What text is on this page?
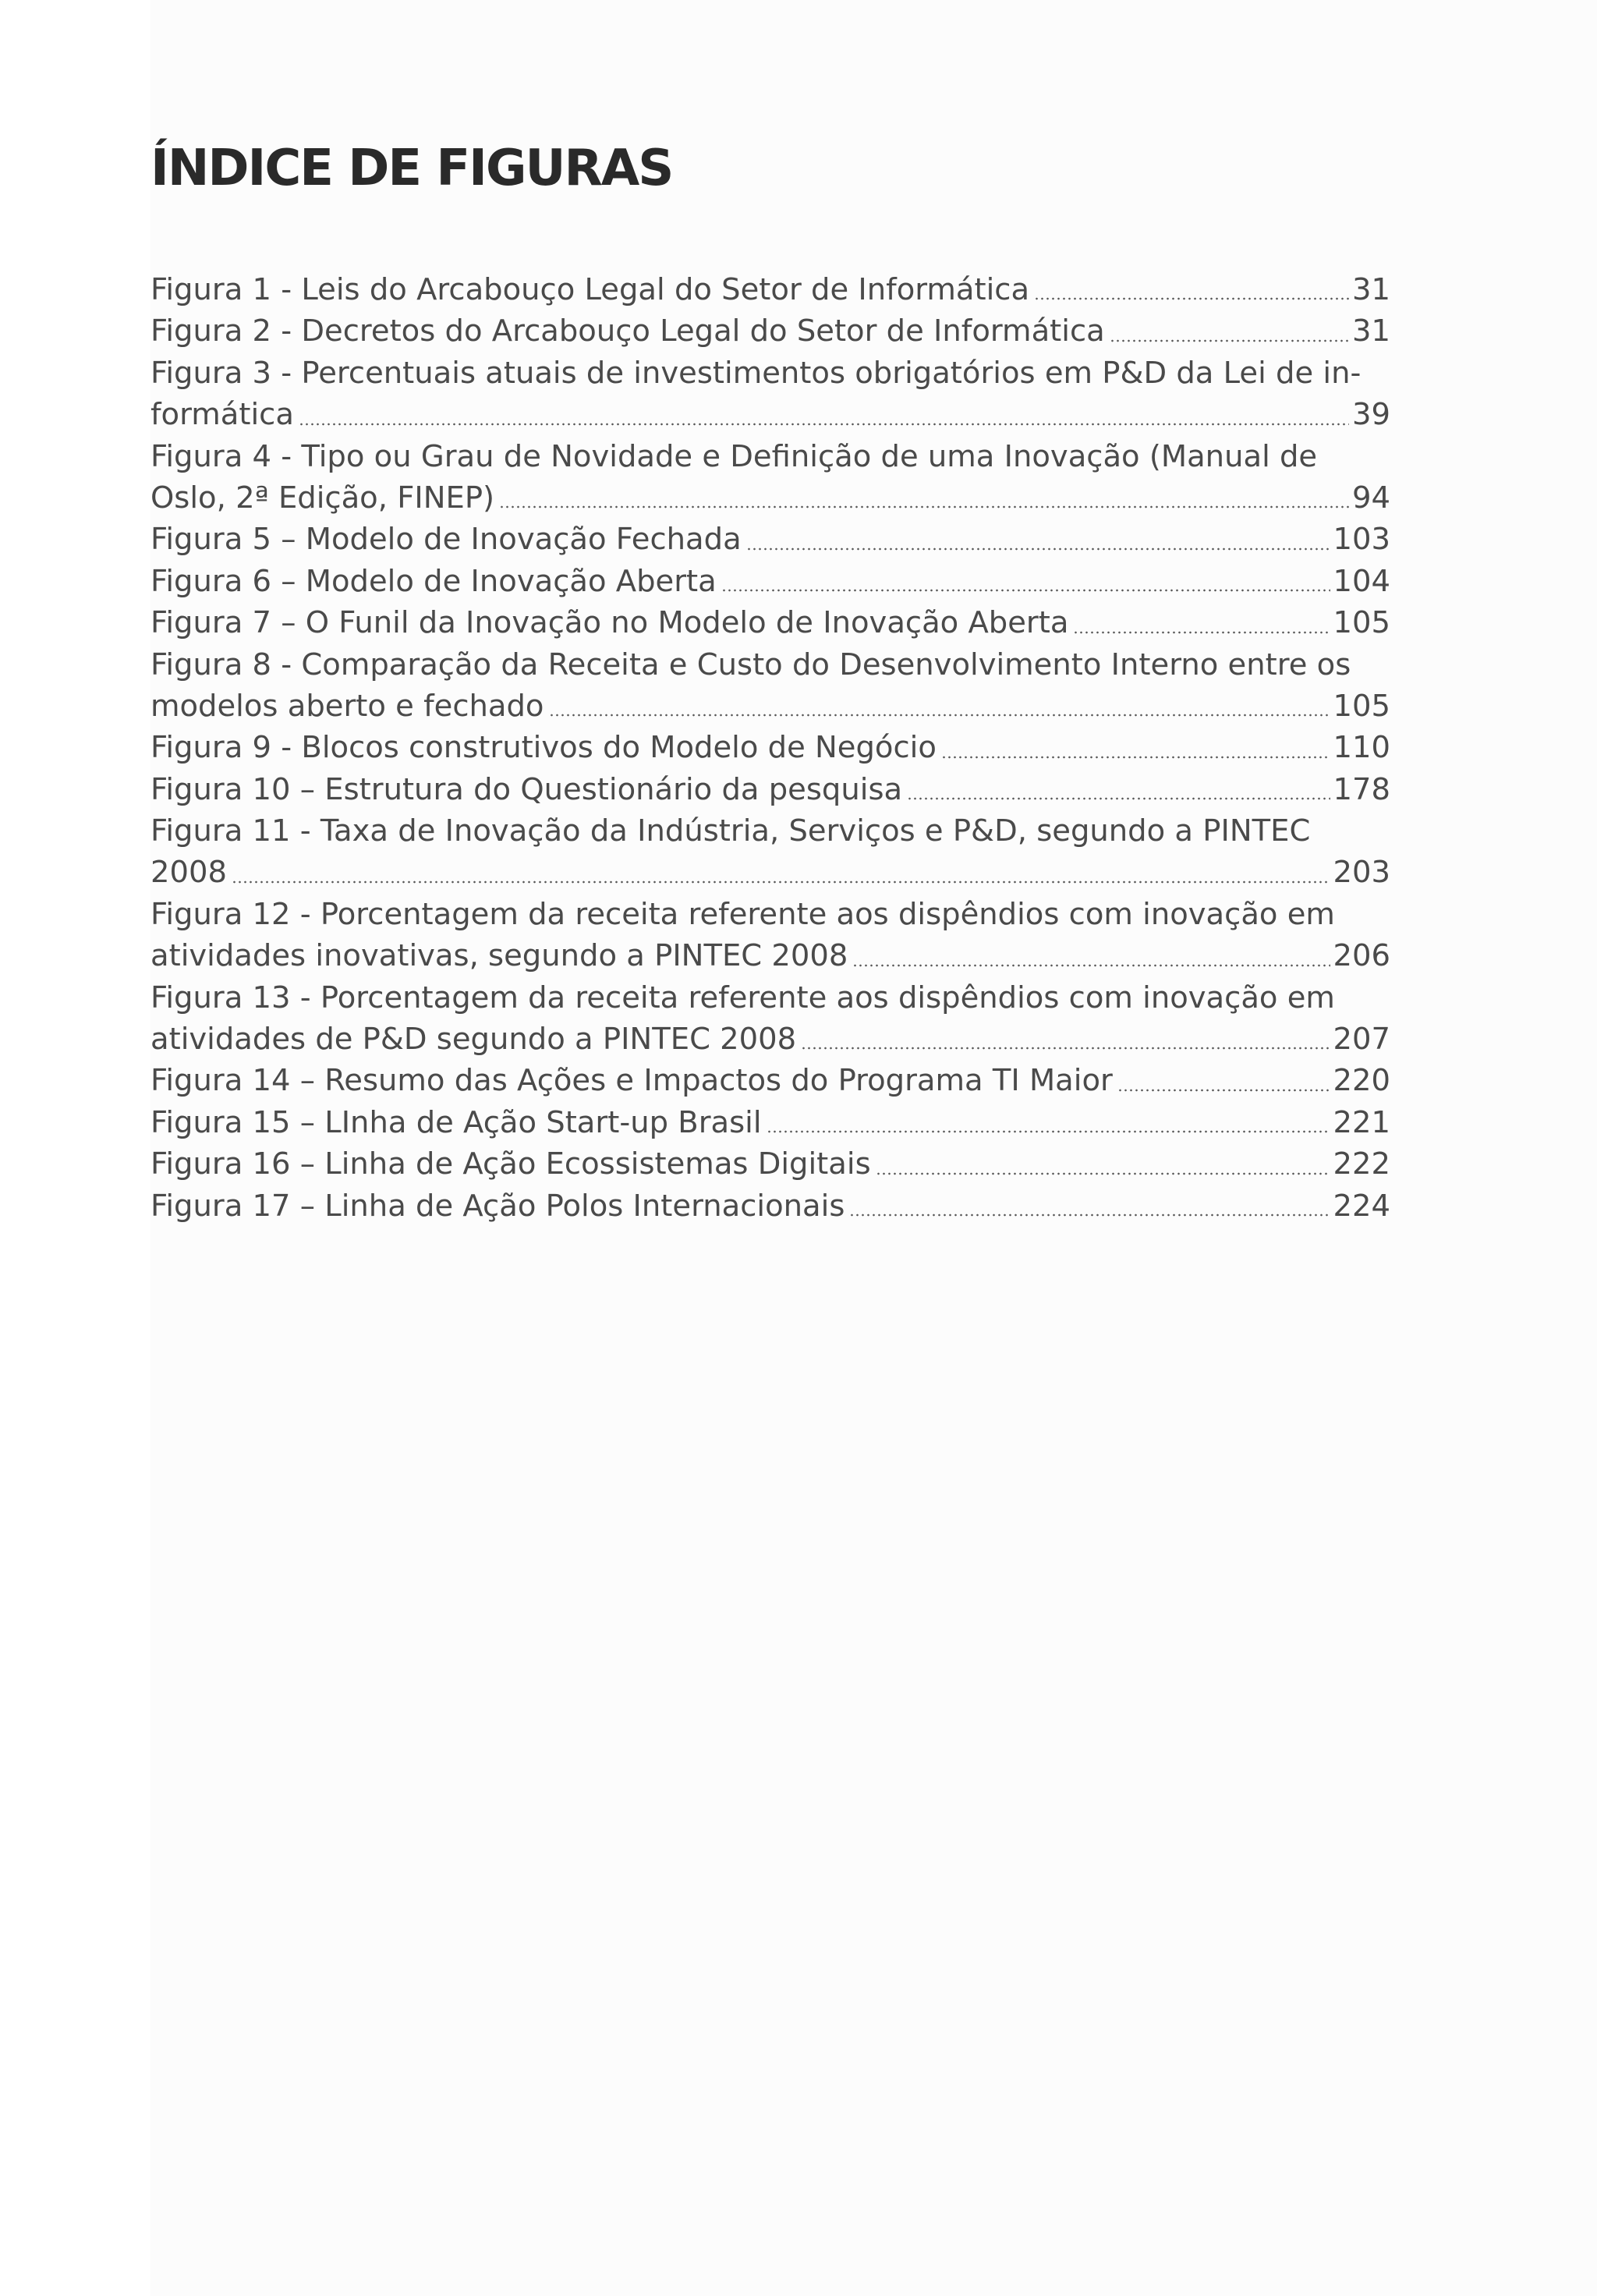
ÍNDICE DE FIGURAS
Figura 1 - Leis do Arcabouço Legal do Setor de Informática	31
Figura 2 - Decretos do Arcabouço Legal do Setor de Informática	31
Figura 3 - Percentuais atuais de investimentos obrigatórios em P&D da Lei de in-
formática	39
Figura 4 - Tipo ou Grau de Novidade e Definição de uma Inovação (Manual de
Oslo, 2ª Edição, FINEP)	94
Figura 5 – Modelo de Inovação Fechada	103
Figura 6 – Modelo de Inovação Aberta	104
Figura 7 – O Funil da Inovação no Modelo de Inovação Aberta	105
Figura 8 - Comparação da Receita e Custo do Desenvolvimento Interno entre os
modelos aberto e fechado	105
Figura 9 - Blocos construtivos do Modelo de Negócio	110
Figura 10 – Estrutura do Questionário da pesquisa	178
Figura 11 - Taxa de Inovação da Indústria, Serviços e P&D, segundo a PINTEC
2008	203
Figura 12 - Porcentagem da receita referente aos dispêndios com inovação em
atividades inovativas, segundo a PINTEC 2008	206
Figura 13 - Porcentagem da receita referente aos dispêndios com inovação em
atividades de P&D segundo a PINTEC 2008	207
Figura 14 – Resumo das Ações e Impactos do Programa TI Maior	220
Figura 15 – LInha de Ação Start-up Brasil	221
Figura 16 – Linha de Ação Ecossistemas Digitais	222
Figura 17 – Linha de Ação Polos Internacionais	224
